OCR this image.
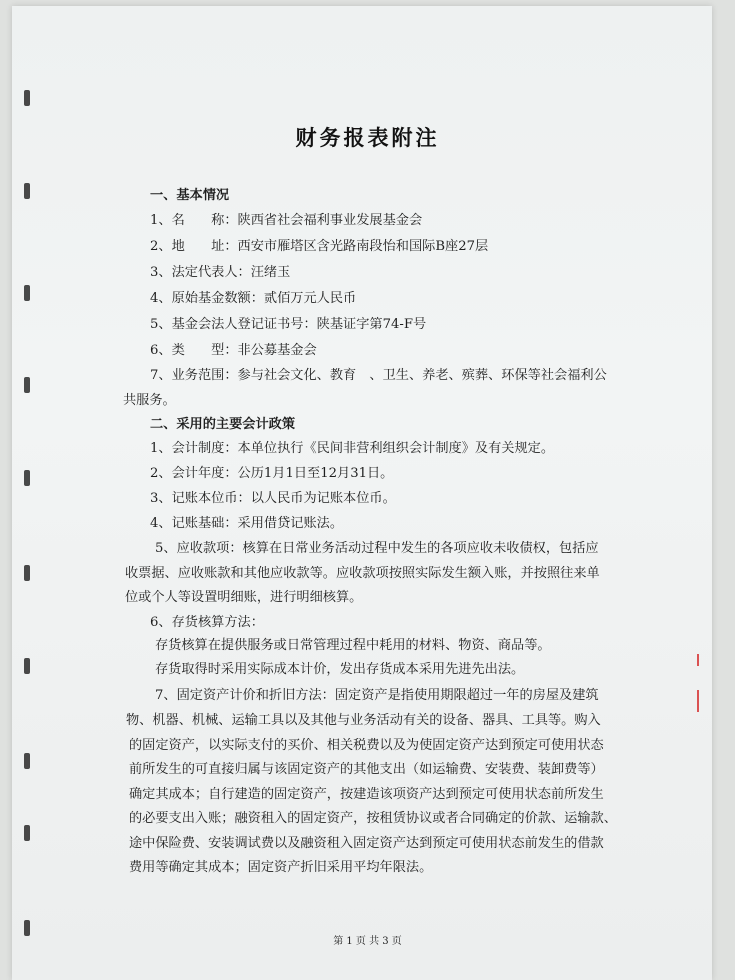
财务报表附注
一、基本情况
1、名　　称：陕西省社会福利事业发展基金会
2、地　　址：西安市雁塔区含光路南段怡和国际B座27层
3、法定代表人：汪绪玉
4、原始基金数额：贰佰万元人民币
5、基金会法人登记证书号：陕基证字第74-F号
6、类　　型：非公募基金会
7、业务范围：参与社会文化、教育　、卫生、养老、殡葬、环保等社会福利公
共服务。
二、采用的主要会计政策
1、会计制度：本单位执行《民间非营利组织会计制度》及有关规定。
2、会计年度：公历1月1日至12月31日。
3、记账本位币：以人民币为记账本位币。
4、记账基础：采用借贷记账法。
5、应收款项：核算在日常业务活动过程中发生的各项应收未收债权，包括应
收票据、应收账款和其他应收款等。应收款项按照实际发生额入账，并按照往来单
位或个人等设置明细账，进行明细核算。
6、存货核算方法：
存货核算在提供服务或日常管理过程中耗用的材料、物资、商品等。
存货取得时采用实际成本计价，发出存货成本采用先进先出法。
7、固定资产计价和折旧方法：固定资产是指使用期限超过一年的房屋及建筑
物、机器、机械、运输工具以及其他与业务活动有关的设备、器具、工具等。购入
的固定资产，以实际支付的买价、相关税费以及为使固定资产达到预定可使用状态
前所发生的可直接归属与该固定资产的其他支出（如运输费、安装费、装卸费等）
确定其成本；自行建造的固定资产，按建造该项资产达到预定可使用状态前所发生
的必要支出入账；融资租入的固定资产，按租赁协议或者合同确定的价款、运输款、
途中保险费、安装调试费以及融资租入固定资产达到预定可使用状态前发生的借款
费用等确定其成本；固定资产折旧采用平均年限法。
第 1 页 共 3 页
